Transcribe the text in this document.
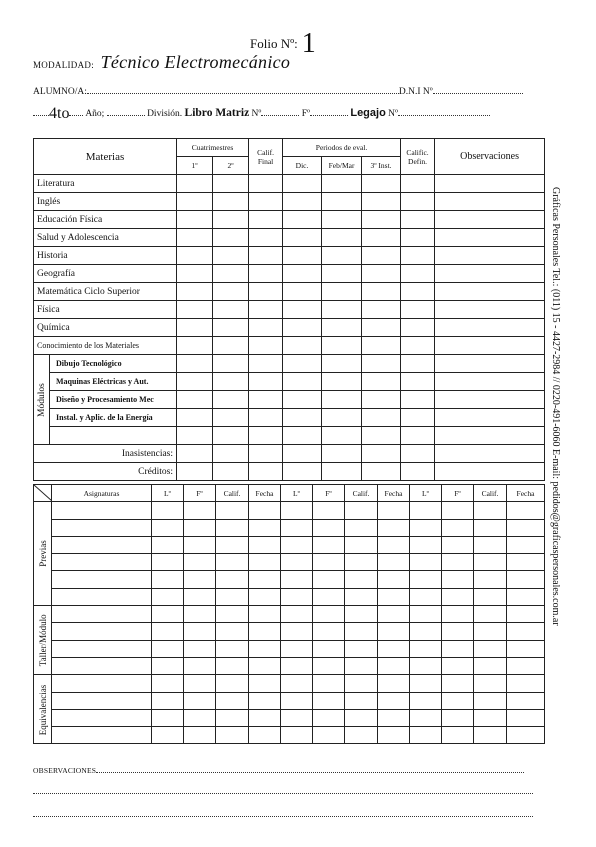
Folio Nº: 1
MODALIDAD: Técnico Electromecánico
ALUMNO/A:	D.N.I Nº
4to Año;	División. Libro Matriz Nº	Fº	Legajo Nº
Materias		Cuatrimestres		Calif. Final	Periodos de eval.			Calific. Defin.	Observaciones
		1º	2º		Dic.	Feb/Mar	3º Inst.		
Literatura									
Inglés									
Educación Física									
Salud y Adolescencia									
Historia									
Geografía									
Matemática Ciclo Superior									
Física									
Química									
Conocimiento de los Materiales									
Módulos	Dibujo Tecnológico								
	Maquinas Eléctricas y Aut.								
	Diseño y Procesamiento Mec								
	Instal. y Aplic. de la Energía								

Inasistencias:									
Créditos:									
	Asignaturas	Lº	Fº	Calif.	Fecha	Lº	Fº	Calif.	Fecha	Lº	Fº	Calif.	Fecha
Previas													

Taller/Módulo													

Equivalencias													

Gráficas Personales Tel.: (011) 15 - 4427-2984 // 0220-491-6060 E-mail: pedidos@graficaspersonales.com.ar
OBSERVACIONES
